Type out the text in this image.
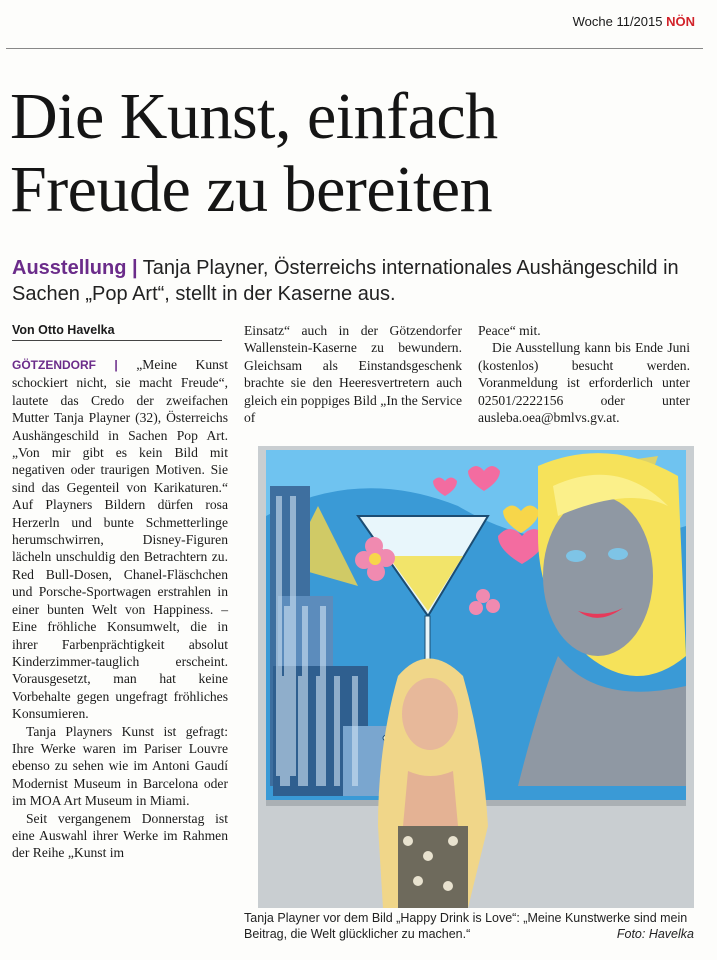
Woche 11/2015 NÖN
Die Kunst, einfach
Freude zu bereiten
Ausstellung | Tanja Playner, Österreichs internationales Aushängeschild in Sachen „Pop Art“, stellt in der Kaserne aus.
Von Otto Havelka

GÖTZENDORF | „Meine Kunst schockiert nicht, sie macht Freude“, lautete das Credo der zweifachen Mutter Tanja Playner (32), Österreichs Aushängeschild in Sachen Pop Art. „Von mir gibt es kein Bild mit negativen oder traurigen Motiven. Sie sind das Gegenteil von Karikaturen.“ Auf Playners Bildern dürfen rosa Herzerln und bunte Schmetterlinge herumschwirren, Disney-Figuren lächeln unschuldig den Betrachtern zu. Red Bull-Dosen, Chanel-Fläschchen und Porsche-Sportwagen erstrahlen in einer bunten Welt von Happiness. – Eine fröhliche Konsumwelt, die in ihrer Farbenprächtigkeit absolut Kinderzimmer-tauglich erscheint. Vorausgesetzt, man hat keine Vorbehalte gegen ungefragt fröhliches Konsumieren.

Tanja Playners Kunst ist gefragt: Ihre Werke waren im Pariser Louvre ebenso zu sehen wie im Antoni Gaudí Modernist Museum in Barcelona oder im MOA Art Museum in Miami.

Seit vergangenem Donnerstag ist eine Auswahl ihrer Werke im Rahmen der Reihe „Kunst im

Einsatz“ auch in der Götzendorfer Wallenstein-Kaserne zu bewundern. Gleichsam als Einstandsgeschenk brachte sie den Heeresvertretern auch gleich ein poppiges Bild „In the Service of

Peace“ mit.

Die Ausstellung kann bis Ende Juni (kostenlos) besucht werden. Voranmeldung ist erforderlich unter 02501/2222156 oder unter ausleba.oea@bmlvs.gv.at.

Tanja Playner vor dem Bild „Happy Drink is Love“: „Meine Kunstwerke sind mein Beitrag, die Welt glücklicher zu machen.“	Foto: Havelka
